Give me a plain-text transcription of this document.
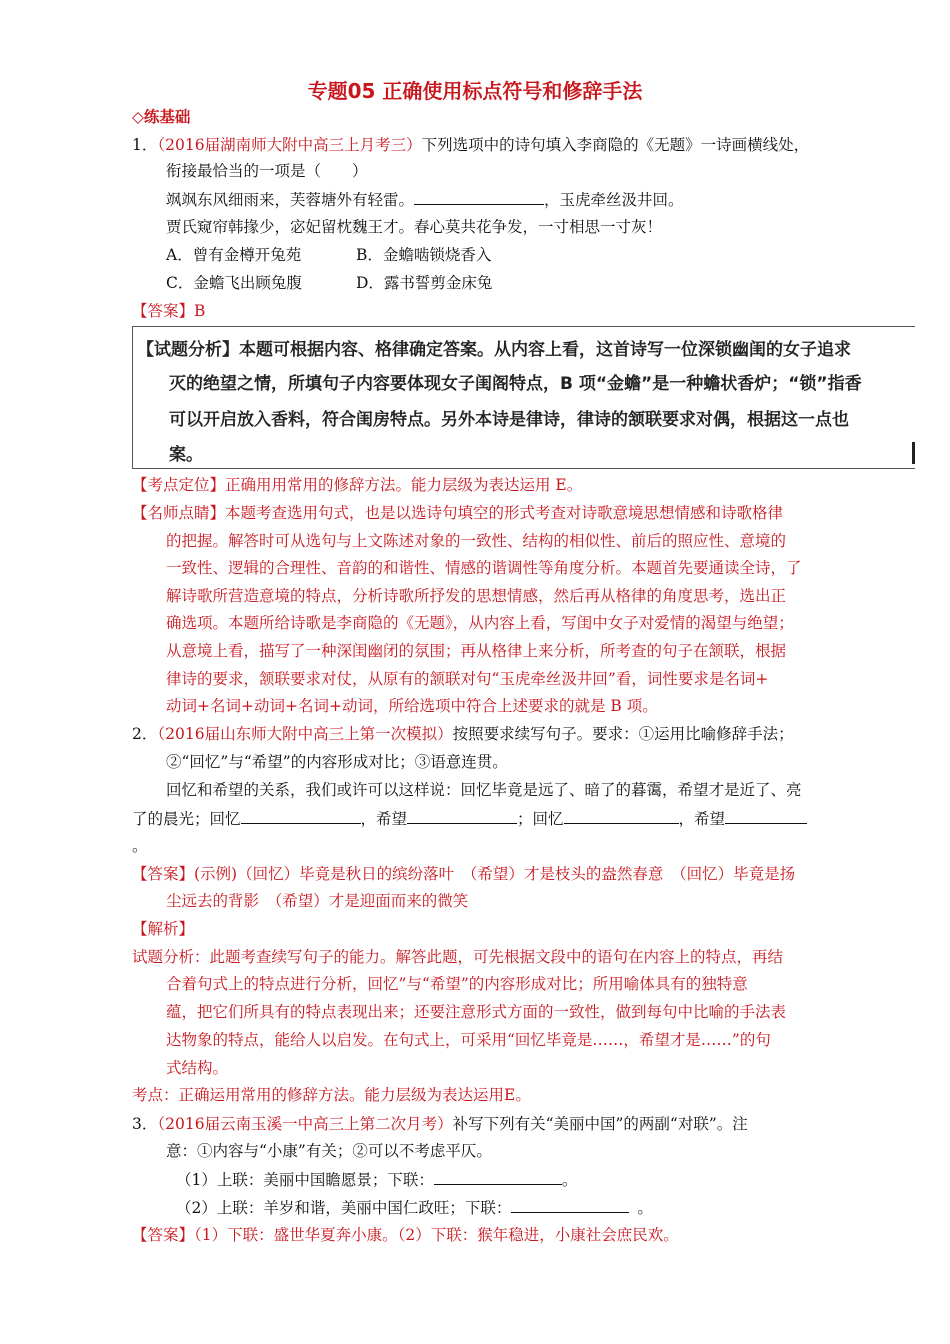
专题05 正确使用标点符号和修辞手法
◇练基础
1．（2016届湖南师大附中高三上月考三）下列选项中的诗句填入李商隐的《无题》一诗画横线处，
衔接最恰当的一项是（　　）
飒飒东风细雨来，芙蓉塘外有轻雷。	，玉虎牵丝汲井回。
贾氏窥帘韩掾少，宓妃留枕魏王才。春心莫共花争发，一寸相思一寸灰！
A．曾有金樽开兔苑	B．金蟾啮锁烧香入
C．金蟾飞出顾兔腹	D．露书誓剪金床兔
【答案】B
【试题分析】本题可根据内容、格律确定答案。从内容上看，这首诗写一位深锁幽闺的女子追求
灭的绝望之情，所填句子内容要体现女子闺阁特点，B 项“金蟾”是一种蟾状香炉；“锁”指香
可以开启放入香料，符合闺房特点。另外本诗是律诗，律诗的颔联要求对偶，根据这一点也
案。
【考点定位】正确用用常用的修辞方法。能力层级为表达运用 E。
【名师点睛】本题考查选用句式，也是以选诗句填空的形式考查对诗歌意境思想情感和诗歌格律
的把握。解答时可从选句与上文陈述对象的一致性、结构的相似性、前后的照应性、意境的
一致性、逻辑的合理性、音韵的和谐性、情感的谐调性等角度分析。本题首先要通读全诗，了
解诗歌所营造意境的特点，分析诗歌所抒发的思想情感，然后再从格律的角度思考，选出正
确选项。本题所给诗歌是李商隐的《无题》，从内容上看，写闺中女子对爱情的渴望与绝望；
从意境上看，描写了一种深闺幽闭的氛围；再从格律上来分析，所考查的句子在颔联，根据
律诗的要求，颔联要求对仗，从原有的颔联对句“玉虎牵丝汲井回”看，词性要求是名词+
动词+名词+动词+名词+动词，所给选项中符合上述要求的就是 B 项。
2．（2016届山东师大附中高三上第一次模拟）按照要求续写句子。要求：①运用比喻修辞手法；
②“回忆”与“希望”的内容形成对比；③语意连贯。
回忆和希望的关系，我们或许可以这样说：回忆毕竟是远了、暗了的暮霭，希望才是近了、亮
了的晨光；回忆	，希望	；回忆	，希望
。
【答案】(示例)（回忆）毕竟是秋日的缤纷落叶　（希望）才是枝头的盎然春意　（回忆）毕竟是扬
尘远去的背影　（希望）才是迎面而来的微笑
【解析】
试题分析：此题考查续写句子的能力。解答此题，可先根据文段中的语句在内容上的特点，再结
合着句式上的特点进行分析，回忆”与“希望”的内容形成对比；所用喻体具有的独特意
蕴，把它们所具有的特点表现出来；还要注意形式方面的一致性，做到每句中比喻的手法表
达物象的特点，能给人以启发。在句式上，可采用“回忆毕竟是……，希望才是……”的句
式结构。
考点：正确运用常用的修辞方法。能力层级为表达运用E。
3．（2016届云南玉溪一中高三上第二次月考）补写下列有关“美丽中国”的两副“对联”。注
意：①内容与“小康”有关；②可以不考虑平仄。
（1）上联：美丽中国瞻愿景；下联：	。
（2）上联：羊岁和谐，美丽中国仁政旺；下联：	。
【答案】（1）下联：盛世华夏奔小康。（2）下联：猴年稳进，小康社会庶民欢。
